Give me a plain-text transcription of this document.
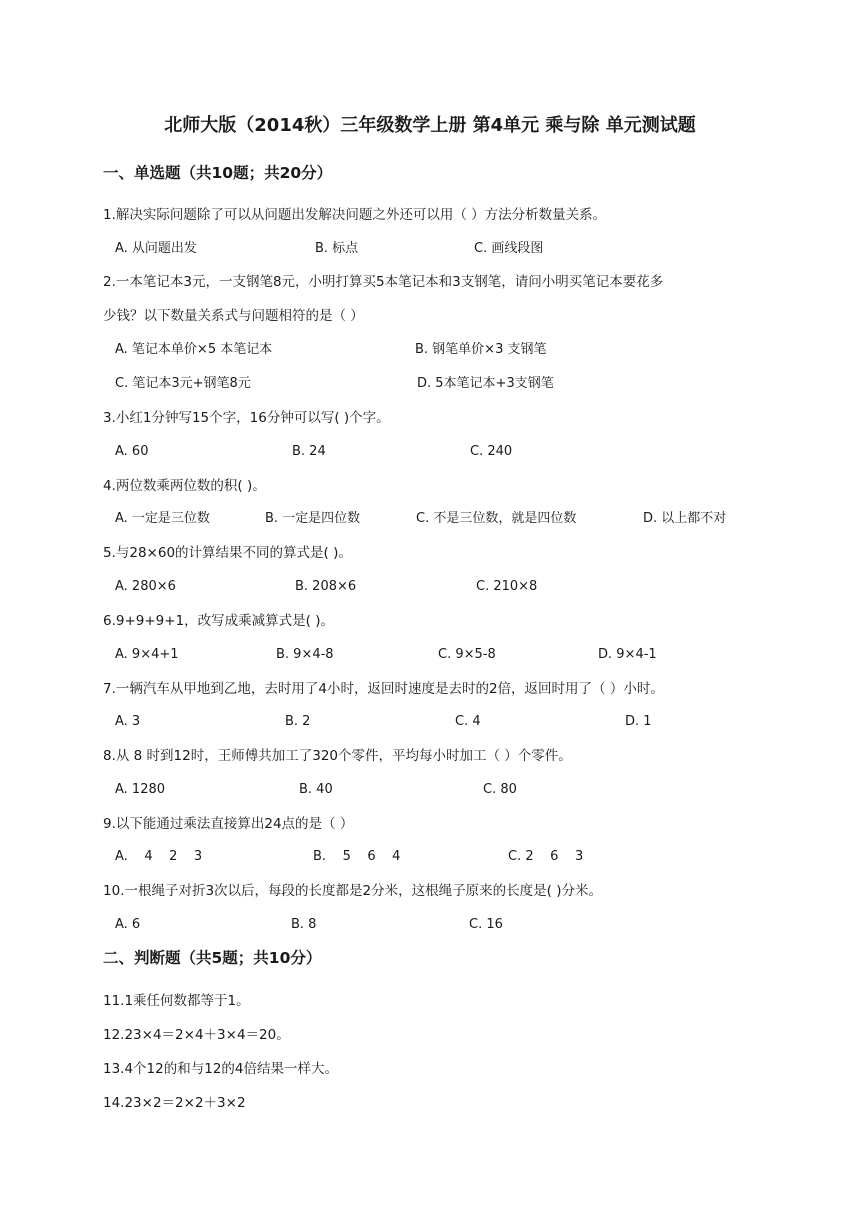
北师大版（2014秋）三年级数学上册 第4单元 乘与除 单元测试题
一、单选题（共10题；共20分）
1.解决实际问题除了可以从问题出发解决问题之外还可以用（ ）方法分析数量关系。
A. 从问题出发	B. 标点	C. 画线段图
2.一本笔记本3元，一支钢笔8元，小明打算买5本笔记本和3支钢笔，请问小明买笔记本要花多
少钱？以下数量关系式与问题相符的是（ ）
A. 笔记本单价×5 本笔记本	B. 钢笔单价×3 支钢笔
C. 笔记本3元+钢笔8元	D. 5本笔记本+3支钢笔
3.小红1分钟写15个字，16分钟可以写( )个字。
A. 60	B. 24	C. 240
4.两位数乘两位数的积( )。
A. 一定是三位数	B. 一定是四位数	C. 不是三位数，就是四位数	D. 以上都不对
5.与28×60的计算结果不同的算式是( )。
A. 280×6	B. 208×6	C. 210×8
6.9+9+9+1，改写成乘减算式是( )。
A. 9×4+1	B. 9×4-8	C. 9×5-8	D. 9×4-1
7.一辆汽车从甲地到乙地，去时用了4小时，返回时速度是去时的2倍，返回时用了（ ）小时。
A. 3	B. 2	C. 4	D. 1
8.从 8 时到12时，王师傅共加工了320个零件，平均每小时加工（ ）个零件。
A. 1280	B. 40	C. 80
9.以下能通过乘法直接算出24点的是（ ）
A.    4    2    3	B.    5    6    4	C. 2    6    3
10.一根绳子对折3次以后，每段的长度都是2分米，这根绳子原来的长度是( )分米。
A. 6	B. 8	C. 16
二、判断题（共5题；共10分）
11.1乘任何数都等于1。
12.23×4＝2×4＋3×4＝20。
13.4个12的和与12的4倍结果一样大。
14.23×2＝2×2＋3×2
